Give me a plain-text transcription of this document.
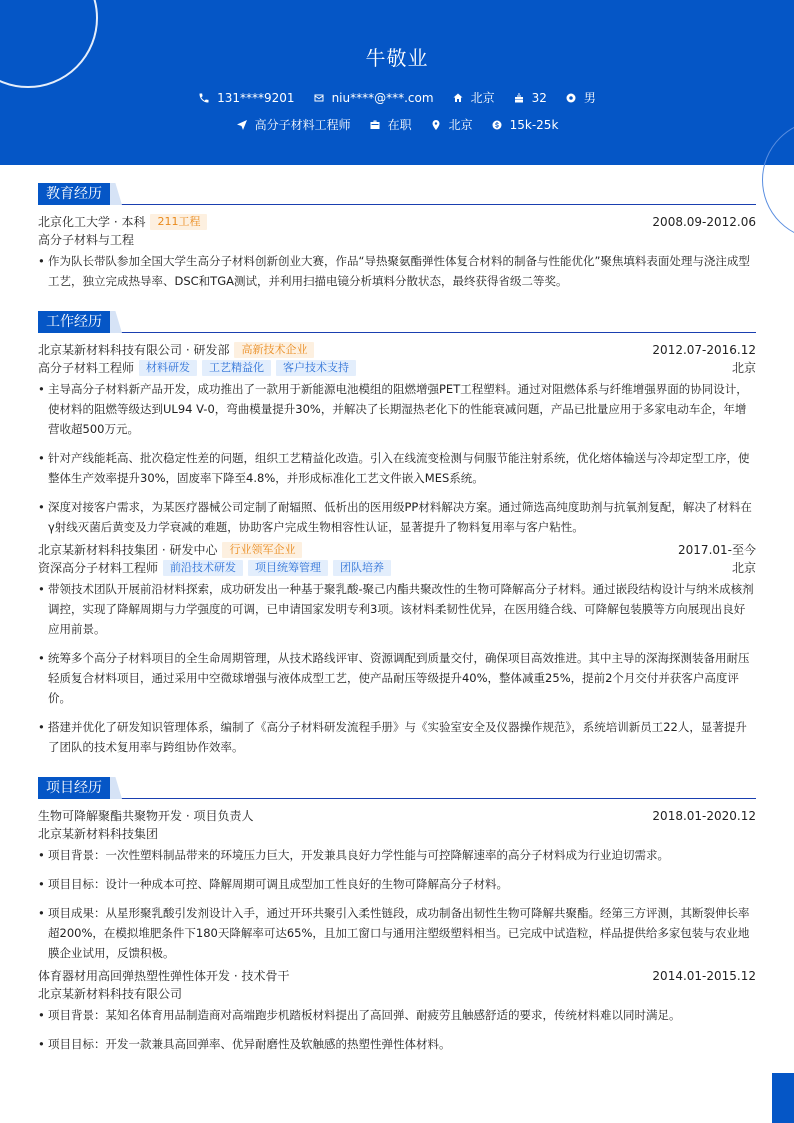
牛敬业
131****9201	niu****@***.com	北京	32	男
高分子材料工程师	在职	北京	15k-25k
教育经历
北京化工大学 · 本科	211工程	2008.09-2012.06
高分子材料与工程
• 作为队长带队参加全国大学生高分子材料创新创业大赛，作品“导热聚氨酯弹性体复合材料的制备与性能优化”聚焦填料表面处理与浇注成型工艺，独立完成热导率、DSC和TGA测试，并利用扫描电镜分析填料分散状态，最终获得省级二等奖。
工作经历
北京某新材料科技有限公司 · 研发部	高新技术企业	2012.07-2016.12
高分子材料工程师	材料研发	工艺精益化	客户技术支持	北京
• 主导高分子材料新产品开发，成功推出了一款用于新能源电池模组的阻燃增强PET工程塑料。通过对阻燃体系与纤维增强界面的协同设计，使材料的阻燃等级达到UL94 V-0，弯曲模量提升30%，并解决了长期湿热老化下的性能衰减问题，产品已批量应用于多家电动车企，年增营收超500万元。
• 针对产线能耗高、批次稳定性差的问题，组织工艺精益化改造。引入在线流变检测与伺服节能注射系统，优化熔体输送与冷却定型工序，使整体生产效率提升30%，固废率下降至4.8%，并形成标准化工艺文件嵌入MES系统。
• 深度对接客户需求，为某医疗器械公司定制了耐辐照、低析出的医用级PP材料解决方案。通过筛选高纯度助剂与抗氧剂复配，解决了材料在γ射线灭菌后黄变及力学衰减的难题，协助客户完成生物相容性认证，显著提升了物料复用率与客户粘性。
北京某新材料科技集团 · 研发中心	行业领军企业	2017.01-至今
资深高分子材料工程师	前沿技术研发	项目统筹管理	团队培养	北京
• 带领技术团队开展前沿材料探索，成功研发出一种基于聚乳酸-聚己内酯共聚改性的生物可降解高分子材料。通过嵌段结构设计与纳米成核剂调控，实现了降解周期与力学强度的可调，已申请国家发明专利3项。该材料柔韧性优异，在医用缝合线、可降解包装膜等方向展现出良好应用前景。
• 统筹多个高分子材料项目的全生命周期管理，从技术路线评审、资源调配到质量交付，确保项目高效推进。其中主导的深海探测装备用耐压轻质复合材料项目，通过采用中空微球增强与液体成型工艺，使产品耐压等级提升40%，整体减重25%，提前2个月交付并获客户高度评价。
• 搭建并优化了研发知识管理体系，编制了《高分子材料研发流程手册》与《实验室安全及仪器操作规范》，系统培训新员工22人，显著提升了团队的技术复用率与跨组协作效率。
项目经历
生物可降解聚酯共聚物开发 · 项目负责人	2018.01-2020.12
北京某新材料科技集团
• 项目背景：一次性塑料制品带来的环境压力巨大，开发兼具良好力学性能与可控降解速率的高分子材料成为行业迫切需求。
• 项目目标：设计一种成本可控、降解周期可调且成型加工性良好的生物可降解高分子材料。
• 项目成果：从星形聚乳酸引发剂设计入手，通过开环共聚引入柔性链段，成功制备出韧性生物可降解共聚酯。经第三方评测，其断裂伸长率超200%，在模拟堆肥条件下180天降解率可达65%，且加工窗口与通用注塑级塑料相当。已完成中试造粒，样品提供给多家包装与农业地膜企业试用，反馈积极。
体育器材用高回弹热塑性弹性体开发 · 技术骨干	2014.01-2015.12
北京某新材料科技有限公司
• 项目背景：某知名体育用品制造商对高端跑步机踏板材料提出了高回弹、耐疲劳且触感舒适的要求，传统材料难以同时满足。
• 项目目标：开发一款兼具高回弹率、优异耐磨性及软触感的热塑性弹性体材料。
